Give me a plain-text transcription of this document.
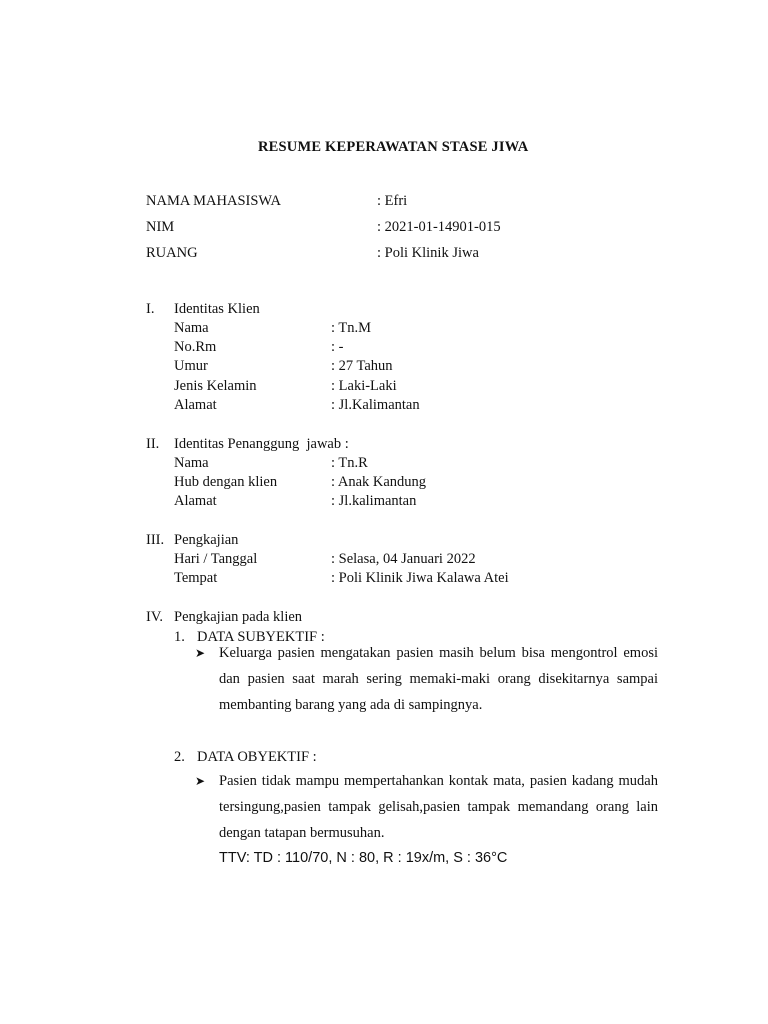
RESUME KEPERAWATAN STASE JIWA
NAMA MAHASISWA	: Efri
NIM	: 2021-01-14901-015
RUANG	: Poli Klinik Jiwa
I. Identitas Klien
Nama	: Tn.M
No.Rm	: -
Umur	: 27 Tahun
Jenis Kelamin	: Laki-Laki
Alamat	: Jl.Kalimantan
II. Identitas Penanggung  jawab :
Nama	: Tn.R
Hub dengan klien	: Anak Kandung
Alamat	: Jl.kalimantan
III. Pengkajian
Hari / Tanggal	: Selasa, 04 Januari 2022
Tempat	: Poli Klinik Jiwa Kalawa Atei
IV. Pengkajian pada klien
1. DATA SUBYEKTIF :
➤ Keluarga pasien mengatakan pasien masih belum bisa mengontrol emosi dan pasien saat marah sering memaki-maki orang disekitarnya sampai membanting barang yang ada di sampingnya.
2. DATA OBYEKTIF :
➤ Pasien tidak mampu mempertahankan kontak mata, pasien kadang mudah tersingung,pasien tampak gelisah,pasien tampak memandang orang lain dengan tatapan bermusuhan.
TTV: TD : 110/70, N : 80, R : 19x/m, S : 36°C
